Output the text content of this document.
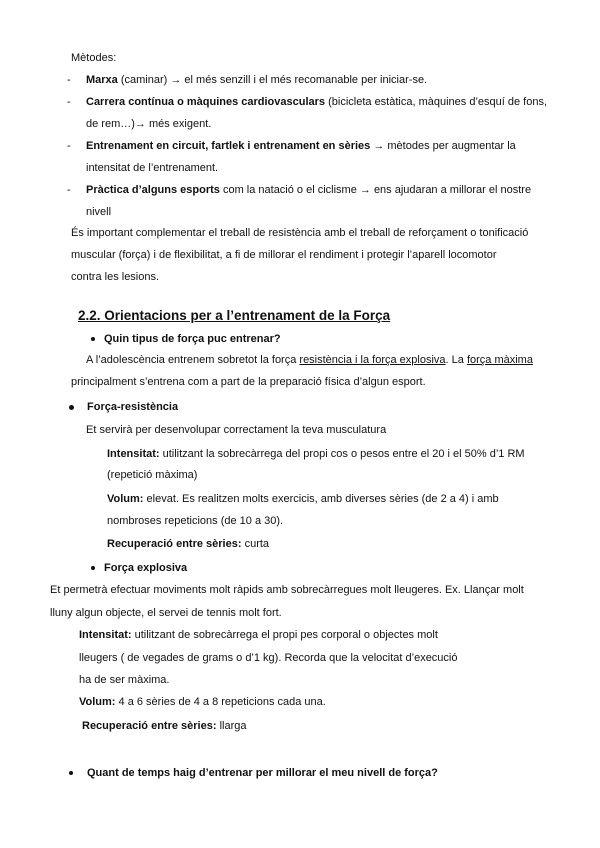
Mètodes:
- Marxa (caminar) → el més senzill i el més recomanable per iniciar-se.
- Carrera contínua o màquines cardiovasculars (bicicleta estàtica, màquines d’esquí de fons,
de rem…)→ més exigent.
- Entrenament en circuit, fartlek i entrenament en sèries → mètodes per augmentar la
intensitat de l’entrenament.
- Pràctica d’alguns esports com la natació o el ciclisme → ens ajudaran a millorar el nostre
nivell
És important complementar el treball de resistència amb el treball de reforçament o tonificació
muscular (força) i de flexibilitat, a fi de millorar el rendiment i protegir l’aparell locomotor
contra les lesions.
2.2. Orientacions per a l’entrenament de la Força
Quin tipus de força puc entrenar?
A l’adolescència entrenem sobretot la força resistència i la força explosiva. La força màxima
principalment s’entrena com a part de la preparació física d’algun esport.
Força-resistència
Et servirà per desenvolupar correctament la teva musculatura
Intensitat: utilitzant la sobrecàrrega del propi cos o pesos entre el 20 i el 50% d’1 RM
(repetició màxima)
Volum: elevat. Es realitzen molts exercicis, amb diverses sèries (de 2 a 4) i amb
nombroses repeticions (de 10 a 30).
Recuperació entre sèries: curta
Força explosiva
Et permetrà efectuar moviments molt ràpids amb sobrecàrregues molt lleugeres. Ex. Llançar molt
lluny algun objecte, el servei de tennis molt fort.
Intensitat: utilitzant de sobrecàrrega el propi pes corporal o objectes molt
lleugers ( de vegades de grams o d’1 kg). Recorda que la velocitat d’execució
ha de ser màxima.
Volum: 4 a 6 sèries de 4 a 8 repeticions cada una.
Recuperació entre sèries: llarga
Quant de temps haig d’entrenar per millorar el meu nivell de força?
